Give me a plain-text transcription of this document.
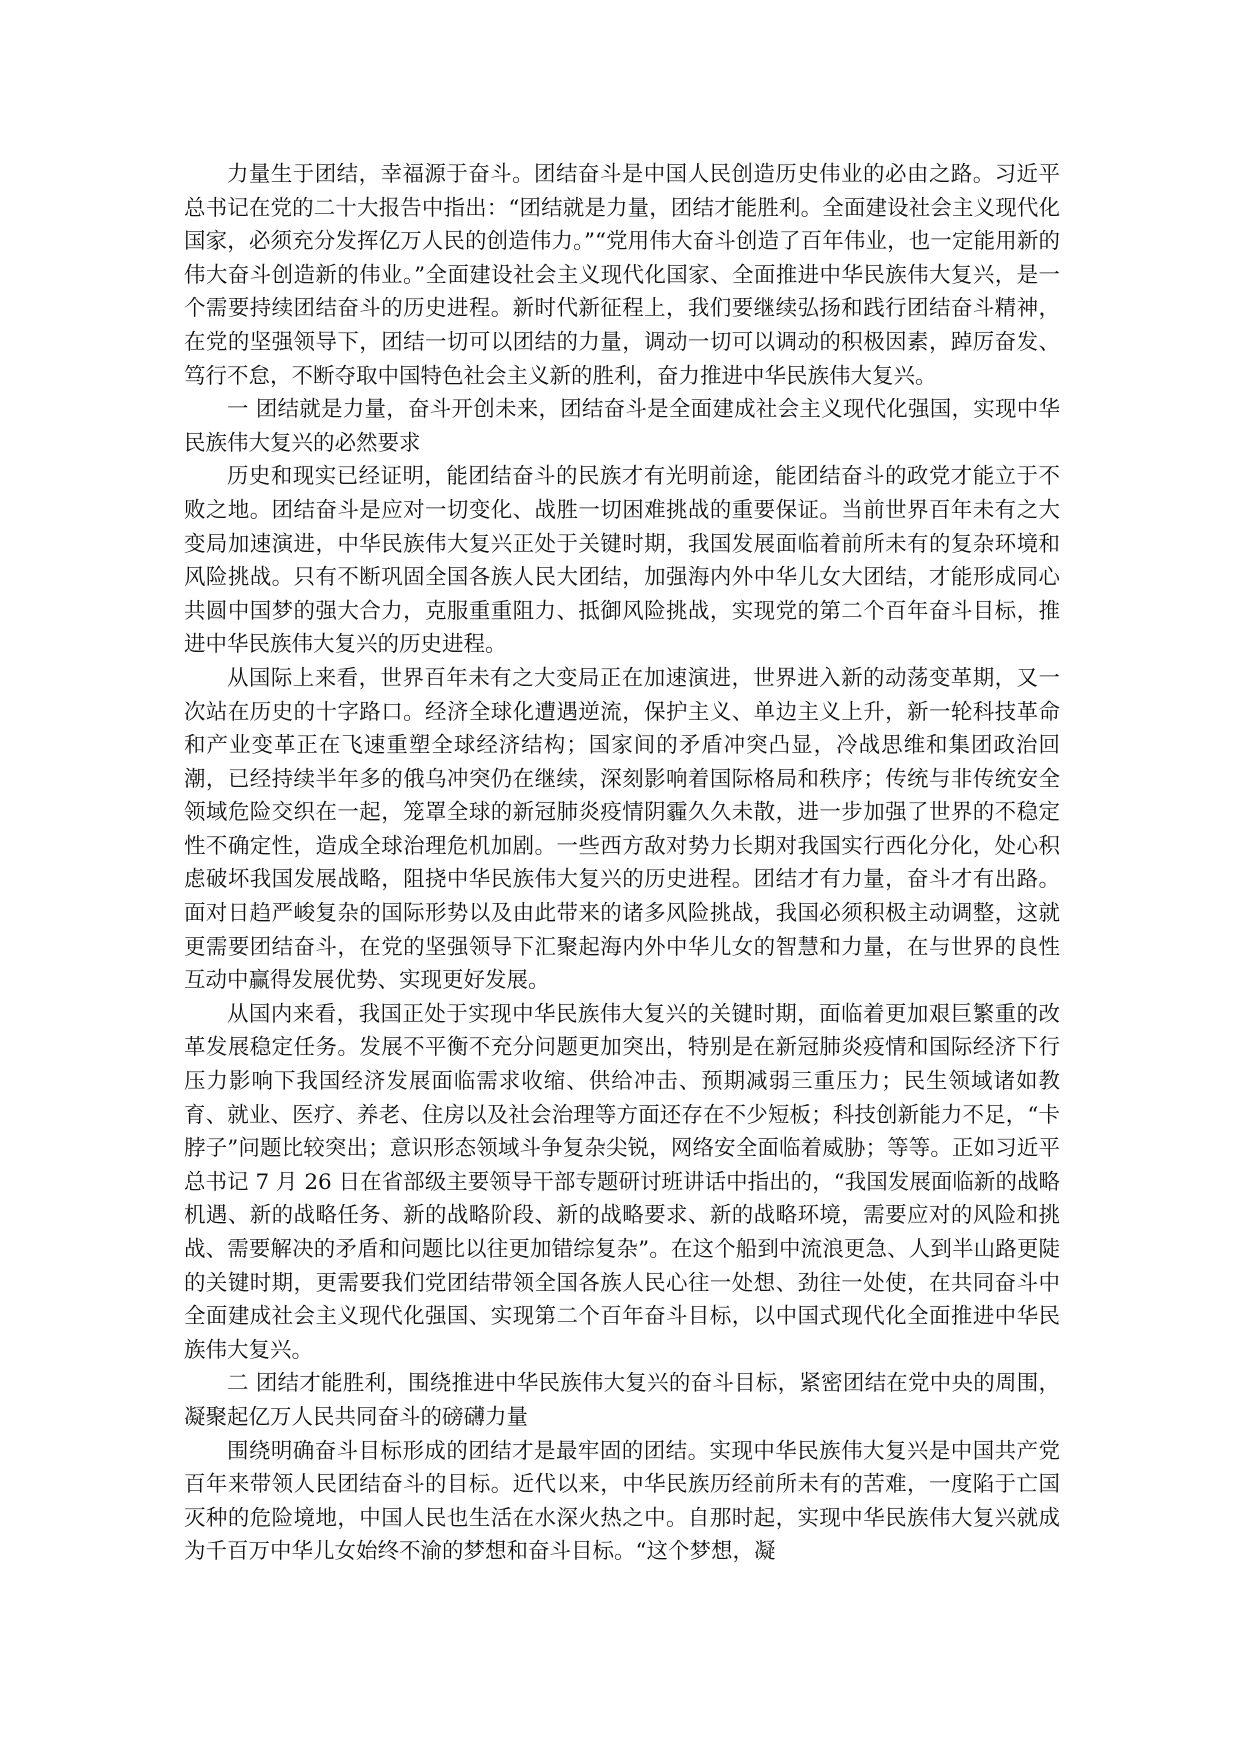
力量生于团结，幸福源于奋斗。团结奋斗是中国人民创造历史伟业的必由之路。习近平总书记在党的二十大报告中指出：“团结就是力量，团结才能胜利。全面建设社会主义现代化国家，必须充分发挥亿万人民的创造伟力。”“党用伟大奋斗创造了百年伟业，也一定能用新的伟大奋斗创造新的伟业。”全面建设社会主义现代化国家、全面推进中华民族伟大复兴，是一个需要持续团结奋斗的历史进程。新时代新征程上，我们要继续弘扬和践行团结奋斗精神，在党的坚强领导下，团结一切可以团结的力量，调动一切可以调动的积极因素，踔厉奋发、笃行不怠，不断夺取中国特色社会主义新的胜利，奋力推进中华民族伟大复兴。

一 团结就是力量，奋斗开创未来，团结奋斗是全面建成社会主义现代化强国，实现中华民族伟大复兴的必然要求

历史和现实已经证明，能团结奋斗的民族才有光明前途，能团结奋斗的政党才能立于不败之地。团结奋斗是应对一切变化、战胜一切困难挑战的重要保证。当前世界百年未有之大变局加速演进，中华民族伟大复兴正处于关键时期，我国发展面临着前所未有的复杂环境和风险挑战。只有不断巩固全国各族人民大团结，加强海内外中华儿女大团结，才能形成同心共圆中国梦的强大合力，克服重重阻力、抵御风险挑战，实现党的第二个百年奋斗目标，推进中华民族伟大复兴的历史进程。

从国际上来看，世界百年未有之大变局正在加速演进，世界进入新的动荡变革期，又一次站在历史的十字路口。经济全球化遭遇逆流，保护主义、单边主义上升，新一轮科技革命和产业变革正在飞速重塑全球经济结构；国家间的矛盾冲突凸显，冷战思维和集团政治回潮，已经持续半年多的俄乌冲突仍在继续，深刻影响着国际格局和秩序；传统与非传统安全领域危险交织在一起，笼罩全球的新冠肺炎疫情阴霾久久未散，进一步加强了世界的不稳定性不确定性，造成全球治理危机加剧。一些西方敌对势力长期对我国实行西化分化，处心积虑破坏我国发展战略，阻挠中华民族伟大复兴的历史进程。团结才有力量，奋斗才有出路。面对日趋严峻复杂的国际形势以及由此带来的诸多风险挑战，我国必须积极主动调整，这就更需要团结奋斗，在党的坚强领导下汇聚起海内外中华儿女的智慧和力量，在与世界的良性互动中赢得发展优势、实现更好发展。

从国内来看，我国正处于实现中华民族伟大复兴的关键时期，面临着更加艰巨繁重的改革发展稳定任务。发展不平衡不充分问题更加突出，特别是在新冠肺炎疫情和国际经济下行压力影响下我国经济发展面临需求收缩、供给冲击、预期减弱三重压力；民生领域诸如教育、就业、医疗、养老、住房以及社会治理等方面还存在不少短板；科技创新能力不足，“卡脖子”问题比较突出；意识形态领域斗争复杂尖锐，网络安全面临着威胁；等等。正如习近平总书记 7 月 26 日在省部级主要领导干部专题研讨班讲话中指出的，“我国发展面临新的战略机遇、新的战略任务、新的战略阶段、新的战略要求、新的战略环境，需要应对的风险和挑战、需要解决的矛盾和问题比以往更加错综复杂”。在这个船到中流浪更急、人到半山路更陡的关键时期，更需要我们党团结带领全国各族人民心往一处想、劲往一处使，在共同奋斗中全面建成社会主义现代化强国、实现第二个百年奋斗目标，以中国式现代化全面推进中华民族伟大复兴。

二 团结才能胜利，围绕推进中华民族伟大复兴的奋斗目标，紧密团结在党中央的周围，凝聚起亿万人民共同奋斗的磅礴力量

围绕明确奋斗目标形成的团结才是最牢固的团结。实现中华民族伟大复兴是中国共产党百年来带领人民团结奋斗的目标。近代以来，中华民族历经前所未有的苦难，一度陷于亡国灭种的危险境地，中国人民也生活在水深火热之中。自那时起，实现中华民族伟大复兴就成为千百万中华儿女始终不渝的梦想和奋斗目标。“这个梦想，凝
